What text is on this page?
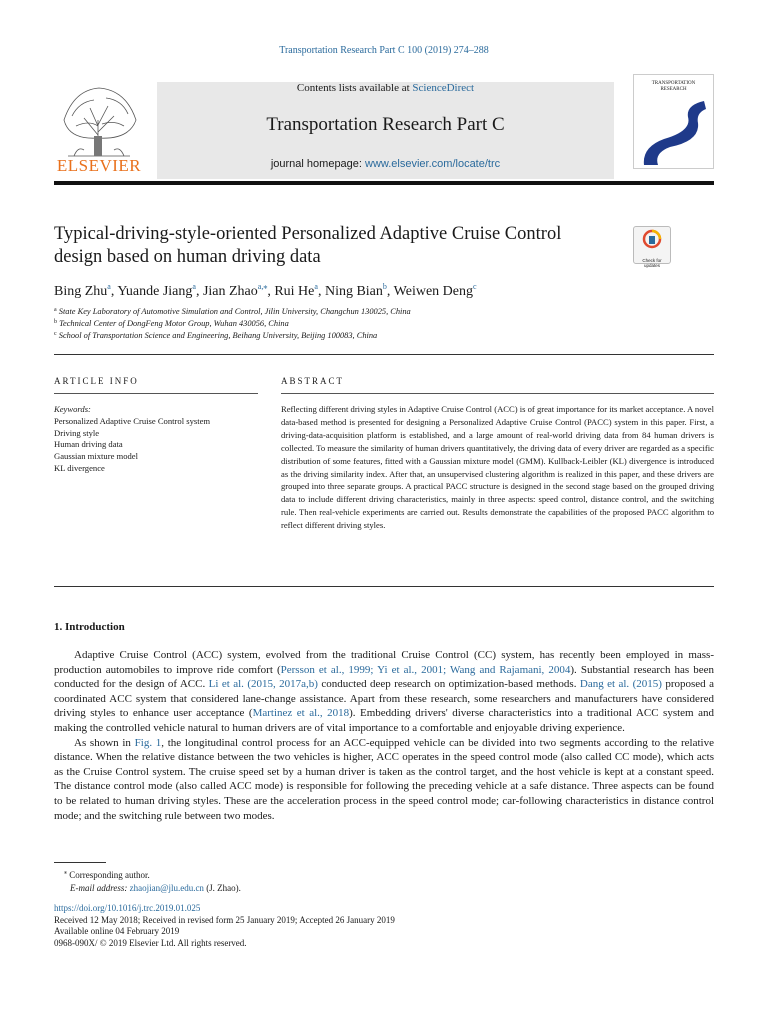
Transportation Research Part C 100 (2019) 274–288
Contents lists available at ScienceDirect
Transportation Research Part C
journal homepage: www.elsevier.com/locate/trc
ELSEVIER
TRANSPORTATION RESEARCH
Typical-driving-style-oriented Personalized Adaptive Cruise Control design based on human driving data	Check for updates
Bing Zhu$^a$, Yuande Jiang$^a$, Jian Zhao$^{a,⁎}$, Rui He$^a$, Ning Bian$^b$, Weiwen Deng$^c$
$^a$ State Key Laboratory of Automotive Simulation and Control, Jilin University, Changchun 130025, China
$^b$ Technical Center of DongFeng Motor Group, Wuhan 430056, China
$^c$ School of Transportation Science and Engineering, Beihang University, Beijing 100083, China
ARTICLE INFO	ABSTRACT
Keywords:
Personalized Adaptive Cruise Control system
Driving style
Human driving data
Gaussian mixture model
KL divergence
Reflecting different driving styles in Adaptive Cruise Control (ACC) is of great importance for its market acceptance. A novel data-based method is presented for designing a Personalized Adaptive Cruise Control (PACC) system in this paper. First, a driving-data-acquisition platform is established, and a large amount of real-world driving data from 84 human drivers is collected. To measure the similarity of human drivers quantitatively, the driving data of every driver are regarded as a specific distribution of some features, fitted with a Gaussian mixture model (GMM). Kullback-Leibler (KL) divergence is introduced as the driving similarity index. After that, an unsupervised clustering algorithm is realized in this paper, and these drivers are grouped into three separate groups. A practical PACC structure is designed in the second stage based on the grouped driving data to include different driving characteristics, mainly in three aspects: speed control, distance control, and the switching rule. Then real-vehicle experiments are carried out. Results demonstrate the capabilities of the proposed PACC algorithm to reflect different driving styles.
1. Introduction

Adaptive Cruise Control (ACC) system, evolved from the traditional Cruise Control (CC) system, has recently been employed in mass-production automobiles to improve ride comfort (Persson et al., 1999; Yi et al., 2001; Wang and Rajamani, 2004). Substantial research has been conducted for the design of ACC. Li et al. (2015, 2017a,b) conducted deep research on optimization-based methods. Dang et al. (2015) proposed a coordinated ACC system that considered lane-change assistance. Apart from these research, some researchers and manufacturers have considered driving styles to enhance user acceptance (Martinez et al., 2018). Embedding drivers' diverse characteristics into a traditional ACC system and making the controlled vehicle natural to human drivers are of vital importance to a comfortable and enjoyable driving experience.

As shown in Fig. 1, the longitudinal control process for an ACC-equipped vehicle can be divided into two segments according to the relative distance. When the relative distance between the two vehicles is higher, ACC operates in the speed control mode (also called CC mode), which acts as the Cruise Control system. The cruise speed set by a human driver is taken as the control target, and the host vehicle is kept at a constant speed. The distance control mode (also called ACC mode) is responsible for following the preceding vehicle at a safe distance. Three aspects can be found to be related to human driving styles. These are the acceleration process in the speed control mode; car-following characteristics in distance control mode; and the switching rule between two modes.

⁎ Corresponding author.
E-mail address: zhaojian@jlu.edu.cn (J. Zhao).
https://doi.org/10.1016/j.trc.2019.01.025
Received 12 May 2018; Received in revised form 25 January 2019; Accepted 26 January 2019
Available online 04 February 2019
0968-090X/ © 2019 Elsevier Ltd. All rights reserved.
